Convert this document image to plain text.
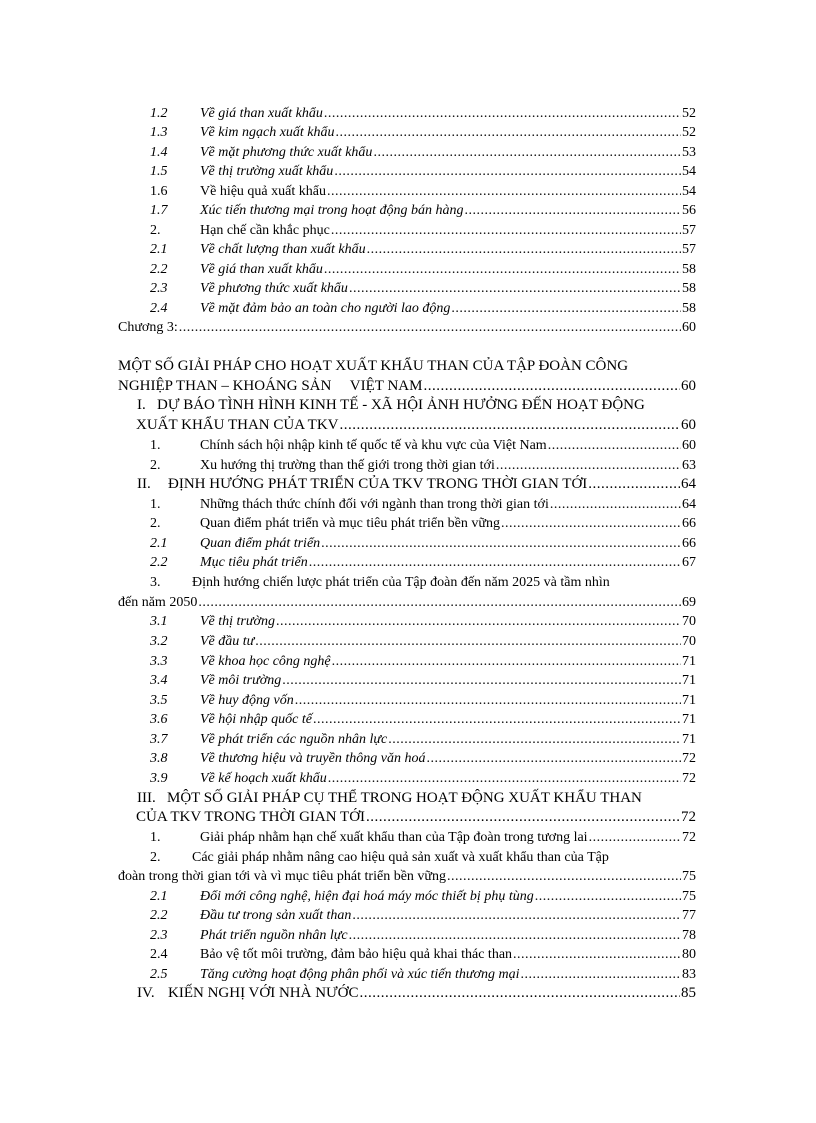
1.2 Về giá than xuất khẩu .....	52
1.3 Về kim ngạch xuất khẩu .....	52
1.4 Về mặt phương thức xuất khẩu .....	53
1.5 Về thị trường xuất khẩu .....	54
1.6 Về hiệu quả xuất khẩu .....	54
1.7 Xúc tiến thương mại trong hoạt động bán hàng .....	56
2.	Hạn chế cần khắc phục .....	57
2.1 Về chất lượng than xuất khẩu .....	57
2.2 Về giá than xuất khẩu .....	58
2.3 Về phương thức xuất khẩu .....	58
2.4 Về mặt đảm bảo an toàn cho người lao động .....	58
Chương 3: .....	60
MỘT SỐ GIẢI PHÁP CHO HOẠT XUẤT KHẨU THAN CỦA TẬP ĐOÀN CÔNG
NGHIỆP THAN – KHOÁNG SẢN     VIỆT NAM .....	60
I. DỰ BÁO TÌNH HÌNH KINH TẾ - XÃ HỘI ẢNH HƯỞNG ĐẾN HOẠT ĐỘNG
XUẤT KHẨU THAN CỦA TKV .....	60
1.	Chính sách hội nhập kinh tế quốc tế và khu vực của Việt Nam .....	60
2.	Xu hướng thị trường than thế giới trong thời gian tới .....	63
II. ĐỊNH HƯỚNG PHÁT TRIỂN CỦA TKV TRONG THỜI GIAN TỚI .....	64
1.	Những thách thức chính đối với ngành than trong thời gian tới .....	64
2.	Quan điểm phát triển và mục tiêu phát triển bền vững .....	66
2.1 Quan điểm phát triển .....	66
2.2 Mục tiêu phát triển .....	67
3. Định hướng chiến lược phát triển của Tập đoàn đến năm 2025 và tầm nhìn
đến năm 2050 .....	69
3.1 Về thị trường .....	70
3.2 Về đầu tư .....	70
3.3 Về khoa học công nghệ .....	71
3.4 Về môi trường .....	71
3.5 Về huy động vốn .....	71
3.6 Về hội nhập quốc tế .....	71
3.7 Về phát triển các nguồn nhân lực .....	71
3.8 Về thương hiệu và truyền thông văn hoá .....	72
3.9 Về kế hoạch xuất khẩu .....	72
III. MỘT SỐ GIẢI PHÁP CỤ THỂ TRONG HOẠT ĐỘNG XUẤT KHẨU THAN
CỦA TKV TRONG THỜI GIAN TỚI .....	72
1.	Giải pháp nhằm hạn chế xuất khẩu than của Tập đoàn trong tương lai .....	72
2. Các giải pháp nhằm nâng cao hiệu quả sản xuất và xuất khẩu than của Tập
đoàn trong thời gian tới và vì mục tiêu phát triển bền vững .....	75
2.1 Đổi mới công nghệ, hiện đại hoá máy móc thiết bị phụ tùng .....	75
2.2 Đầu tư trong sản xuất than .....	77
2.3 Phát triển nguồn nhân lực .....	78
2.4 Bảo vệ tốt môi trường, đảm bảo hiệu quả khai thác than .....	80
2.5 Tăng cường hoạt động phân phối và xúc tiến thương mại .....	83
IV. KIẾN NGHỊ VỚI NHÀ NƯỚC .....	85
